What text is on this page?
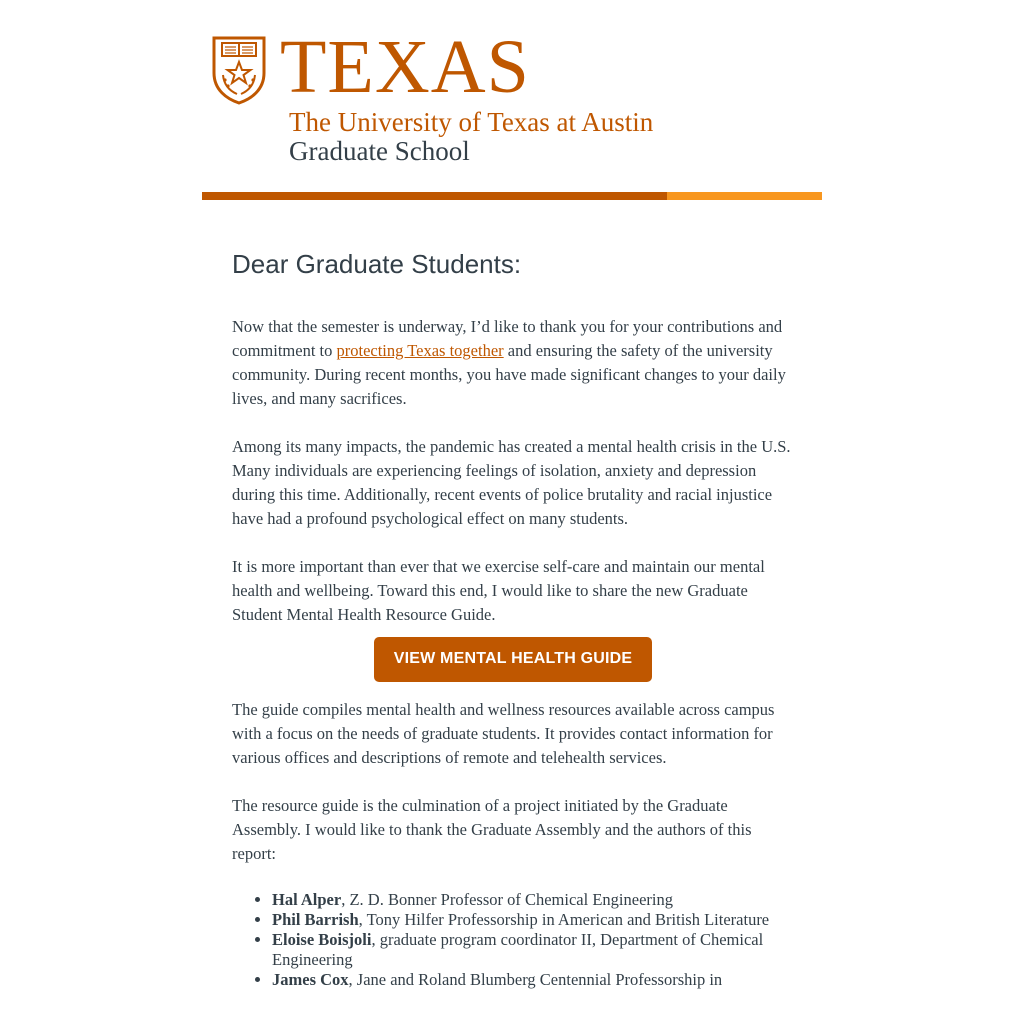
TEXAS
The University of Texas at Austin
Graduate School
Dear Graduate Students:

Now that the semester is underway, I’d like to thank you for your contributions and commitment to protecting Texas together and ensuring the safety of the university community. During recent months, you have made significant changes to your daily lives, and many sacrifices.

Among its many impacts, the pandemic has created a mental health crisis in the U.S. Many individuals are experiencing feelings of isolation, anxiety and depression during this time. Additionally, recent events of police brutality and racial injustice have had a profound psychological effect on many students.

It is more important than ever that we exercise self-care and maintain our mental health and wellbeing. Toward this end, I would like to share the new Graduate Student Mental Health Resource Guide.

VIEW MENTAL HEALTH GUIDE

The guide compiles mental health and wellness resources available across campus with a focus on the needs of graduate students. It provides contact information for various offices and descriptions of remote and telehealth services.

The resource guide is the culmination of a project initiated by the Graduate Assembly. I would like to thank the Graduate Assembly and the authors of this report:

• Hal Alper, Z. D. Bonner Professor of Chemical Engineering
• Phil Barrish, Tony Hilfer Professorship in American and British Literature
• Eloise Boisjoli, graduate program coordinator II, Department of Chemical Engineering
• James Cox, Jane and Roland Blumberg Centennial Professorship in
